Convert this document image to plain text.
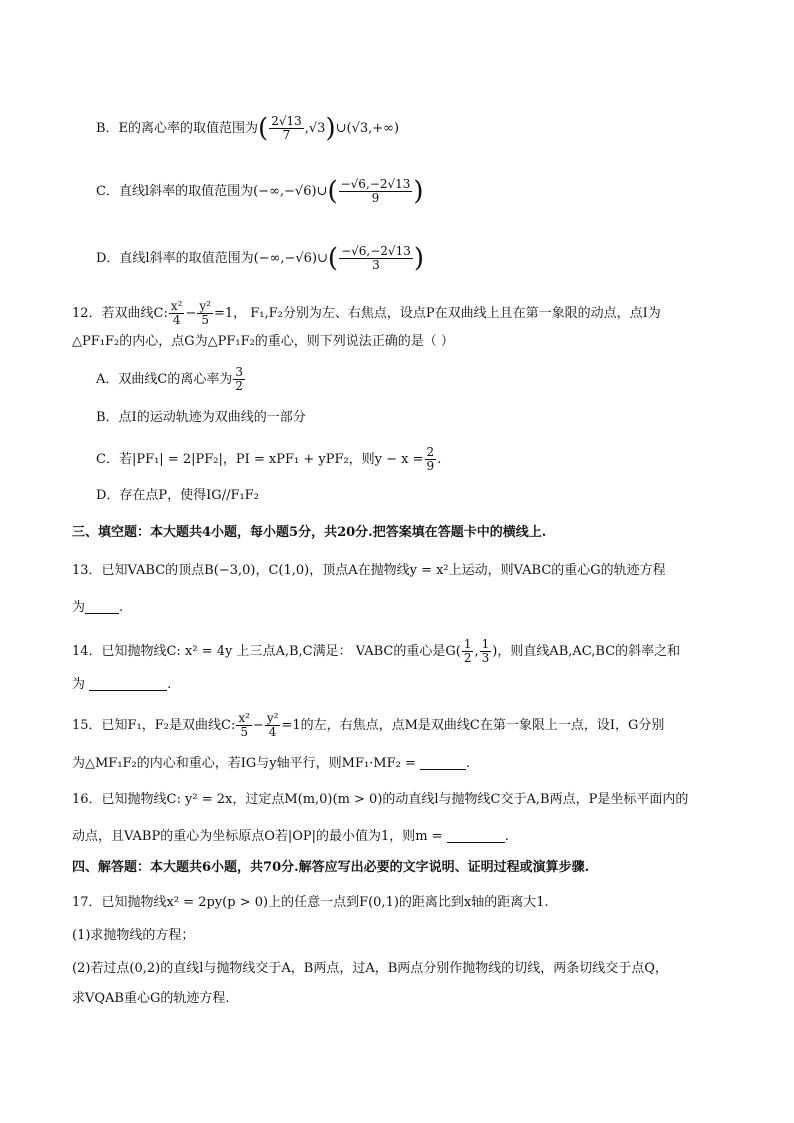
B．E的离心率的取值范围为( $\frac{2√13}{7}$ ,√3)∪(√3,+∞)
C．直线l斜率的取值范围为(−∞,−√6)∪( $\frac{-√6,-2√13}{9}$ )
D．直线l斜率的取值范围为(−∞,−√6)∪( $\frac{-√6,-2√13}{3}$ )
12．若双曲线C: $\frac{\text{x²}}{4} - \frac{\text{y²}}{5} =1$， F₁,F₂分别为左、右焦点，设点P在双曲线上且在第一象限的动点，点I为
△PF₁F₂的内心，点G为△PF₁F₂的重心，则下列说法正确的是（ ）
A．双曲线C的离心率为 $\frac{3}{2}$
B．点I的运动轨迹为双曲线的一部分
C．若|PF₁| = 2|PF₂|，PI = xPF₁ + yPF₂，则$y - x = \frac{2}{9}$ .
D．存在点P，使得IG//F₁F₂
三、填空题：本大题共4小题，每小题5分，共20分.把答案填在答题卡中的横线上.
13．已知VABC的顶点B(−3,0)，C(1,0)，顶点A在抛物线y = x²上运动，则VABC的重心G的轨迹方程
为	.
14．已知抛物线C: x² = 4y 上三点A,B,C满足： VABC的重心是$G( \frac{1}{2}$ , $\frac{1}{3}$ )，则直线AB,AC,BC的斜率之和
为	.
15．已知F₁，F₂是双曲线C: $\frac{\text{x²}}{5} - \frac{\text{y²}}{4} =1$的左，右焦点，点M是双曲线C在第一象限上一点，设I，G分别
为△MF₁F₂的内心和重心，若IG与y轴平行，则MF₁·MF₂ =	.
16．已知抛物线C: y² = 2x，过定点M(m,0)(m > 0)的动直线l与抛物线C交于A,B两点，P是坐标平面内的
动点，且VABP的重心为坐标原点O若|OP|的最小值为1，则m =	.
四、解答题：本大题共6小题，共70分.解答应写出必要的文字说明、证明过程或演算步骤.
17．已知抛物线x² = 2py(p > 0)上的任意一点到F(0,1)的距离比到x轴的距离大1.
(1)求抛物线的方程；
(2)若过点(0,2)的直线l与抛物线交于A，B两点，过A，B两点分别作抛物线的切线，两条切线交于点Q，
求VQAB重心G的轨迹方程.
